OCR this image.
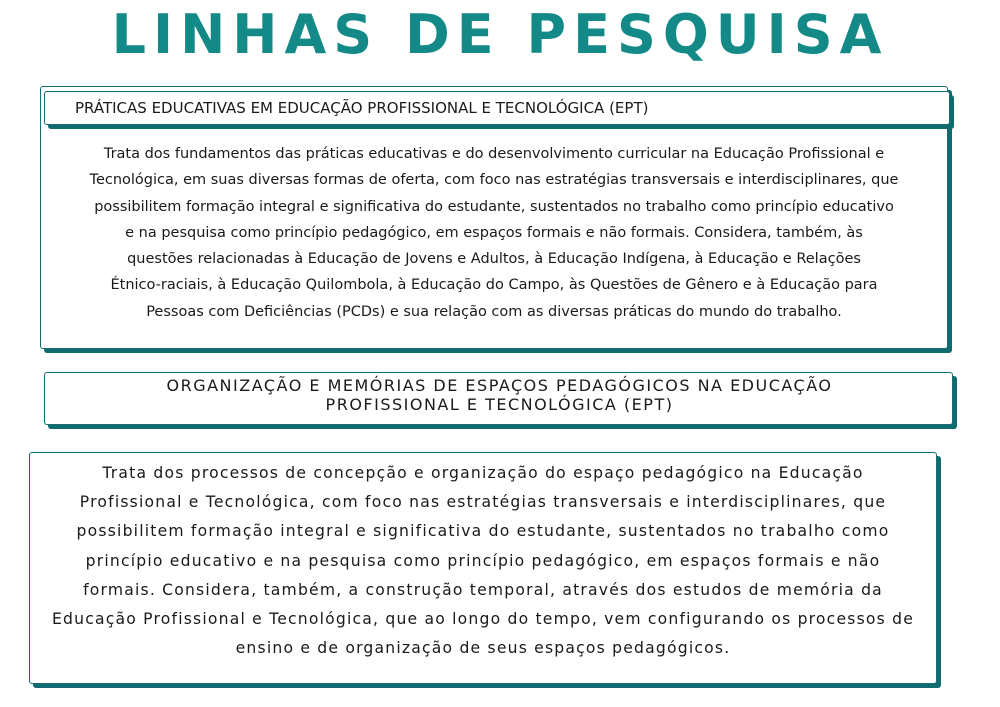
LINHAS DE PESQUISA
PRÁTICAS EDUCATIVAS EM EDUCAÇÃO PROFISSIONAL E TECNOLÓGICA (EPT)
Trata dos fundamentos das práticas educativas e do desenvolvimento curricular na Educação Profissional e
Tecnológica, em suas diversas formas de oferta, com foco nas estratégias transversais e interdisciplinares, que
possibilitem formação integral e significativa do estudante, sustentados no trabalho como princípio educativo
e na pesquisa como princípio pedagógico, em espaços formais e não formais. Considera, também, às
questões relacionadas à Educação de Jovens e Adultos, à Educação Indígena, à Educação e Relações
Étnico-raciais, à Educação Quilombola, à Educação do Campo, às Questões de Gênero e à Educação para
Pessoas com Deficiências (PCDs) e sua relação com as diversas práticas do mundo do trabalho.
ORGANIZAÇÃO E MEMÓRIAS DE ESPAÇOS PEDAGÓGICOS NA EDUCAÇÃO
PROFISSIONAL E TECNOLÓGICA (EPT)
Trata dos processos de concepção e organização do espaço pedagógico na Educação
Profissional e Tecnológica, com foco nas estratégias transversais e interdisciplinares, que
possibilitem formação integral e significativa do estudante, sustentados no trabalho como
princípio educativo e na pesquisa como princípio pedagógico, em espaços formais e não
formais. Considera, também, a construção temporal, através dos estudos de memória da
Educação Profissional e Tecnológica, que ao longo do tempo, vem configurando os processos de
ensino e de organização de seus espaços pedagógicos.
